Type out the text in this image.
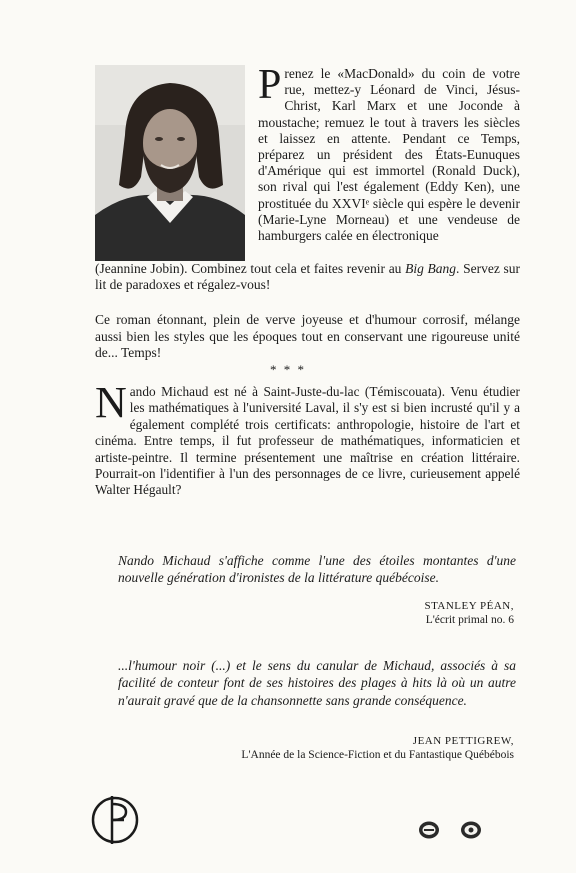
Prenez le «MacDonald» du coin de votre rue, mettez-y Léonard de Vinci, Jésus-Christ, Karl Marx et une Joconde à moustache; remuez le tout à travers les siècles et laissez en attente. Pendant ce Temps, préparez un président des États-Eunuques d'Amérique qui est immortel (Ronald Duck), son rival qui l'est également (Eddy Ken), une prostituée du XXVIᵉ siècle qui espère le devenir (Marie-Lyne Morneau) et une vendeuse de hamburgers calée en électronique
(Jeannine Jobin). Combinez tout cela et faites revenir au Big Bang. Servez sur lit de paradoxes et régalez-vous!
Ce roman étonnant, plein de verve joyeuse et d'humour corrosif, mélange aussi bien les styles que les époques tout en conservant une rigoureuse unité de... Temps!
* * *
Nando Michaud est né à Saint-Juste-du-lac (Témiscouata). Venu étudier les mathématiques à l'université Laval, il s'y est si bien incrusté qu'il y a également complété trois certificats: anthropologie, histoire de l'art et cinéma. Entre temps, il fut professeur de mathématiques, informaticien et artiste-peintre. Il termine présentement une maîtrise en création littéraire. Pourrait-on l'identifier à l'un des personnages de ce livre, curieusement appelé Walter Hégault?
Nando Michaud s'affiche comme l'une des étoiles montantes d'une nouvelle génération d'ironistes de la littérature québécoise.
STANLEY PÉAN,
L'écrit primal no. 6
...l'humour noir (...) et le sens du canular de Michaud, associés à sa facilité de conteur font de ses histoires des plages à hits là où un autre n'aurait gravé que de la chansonnette sans grande conséquence.
JEAN PETTIGREW,
L'Année de la Science-Fiction et du Fantastique Québébois
